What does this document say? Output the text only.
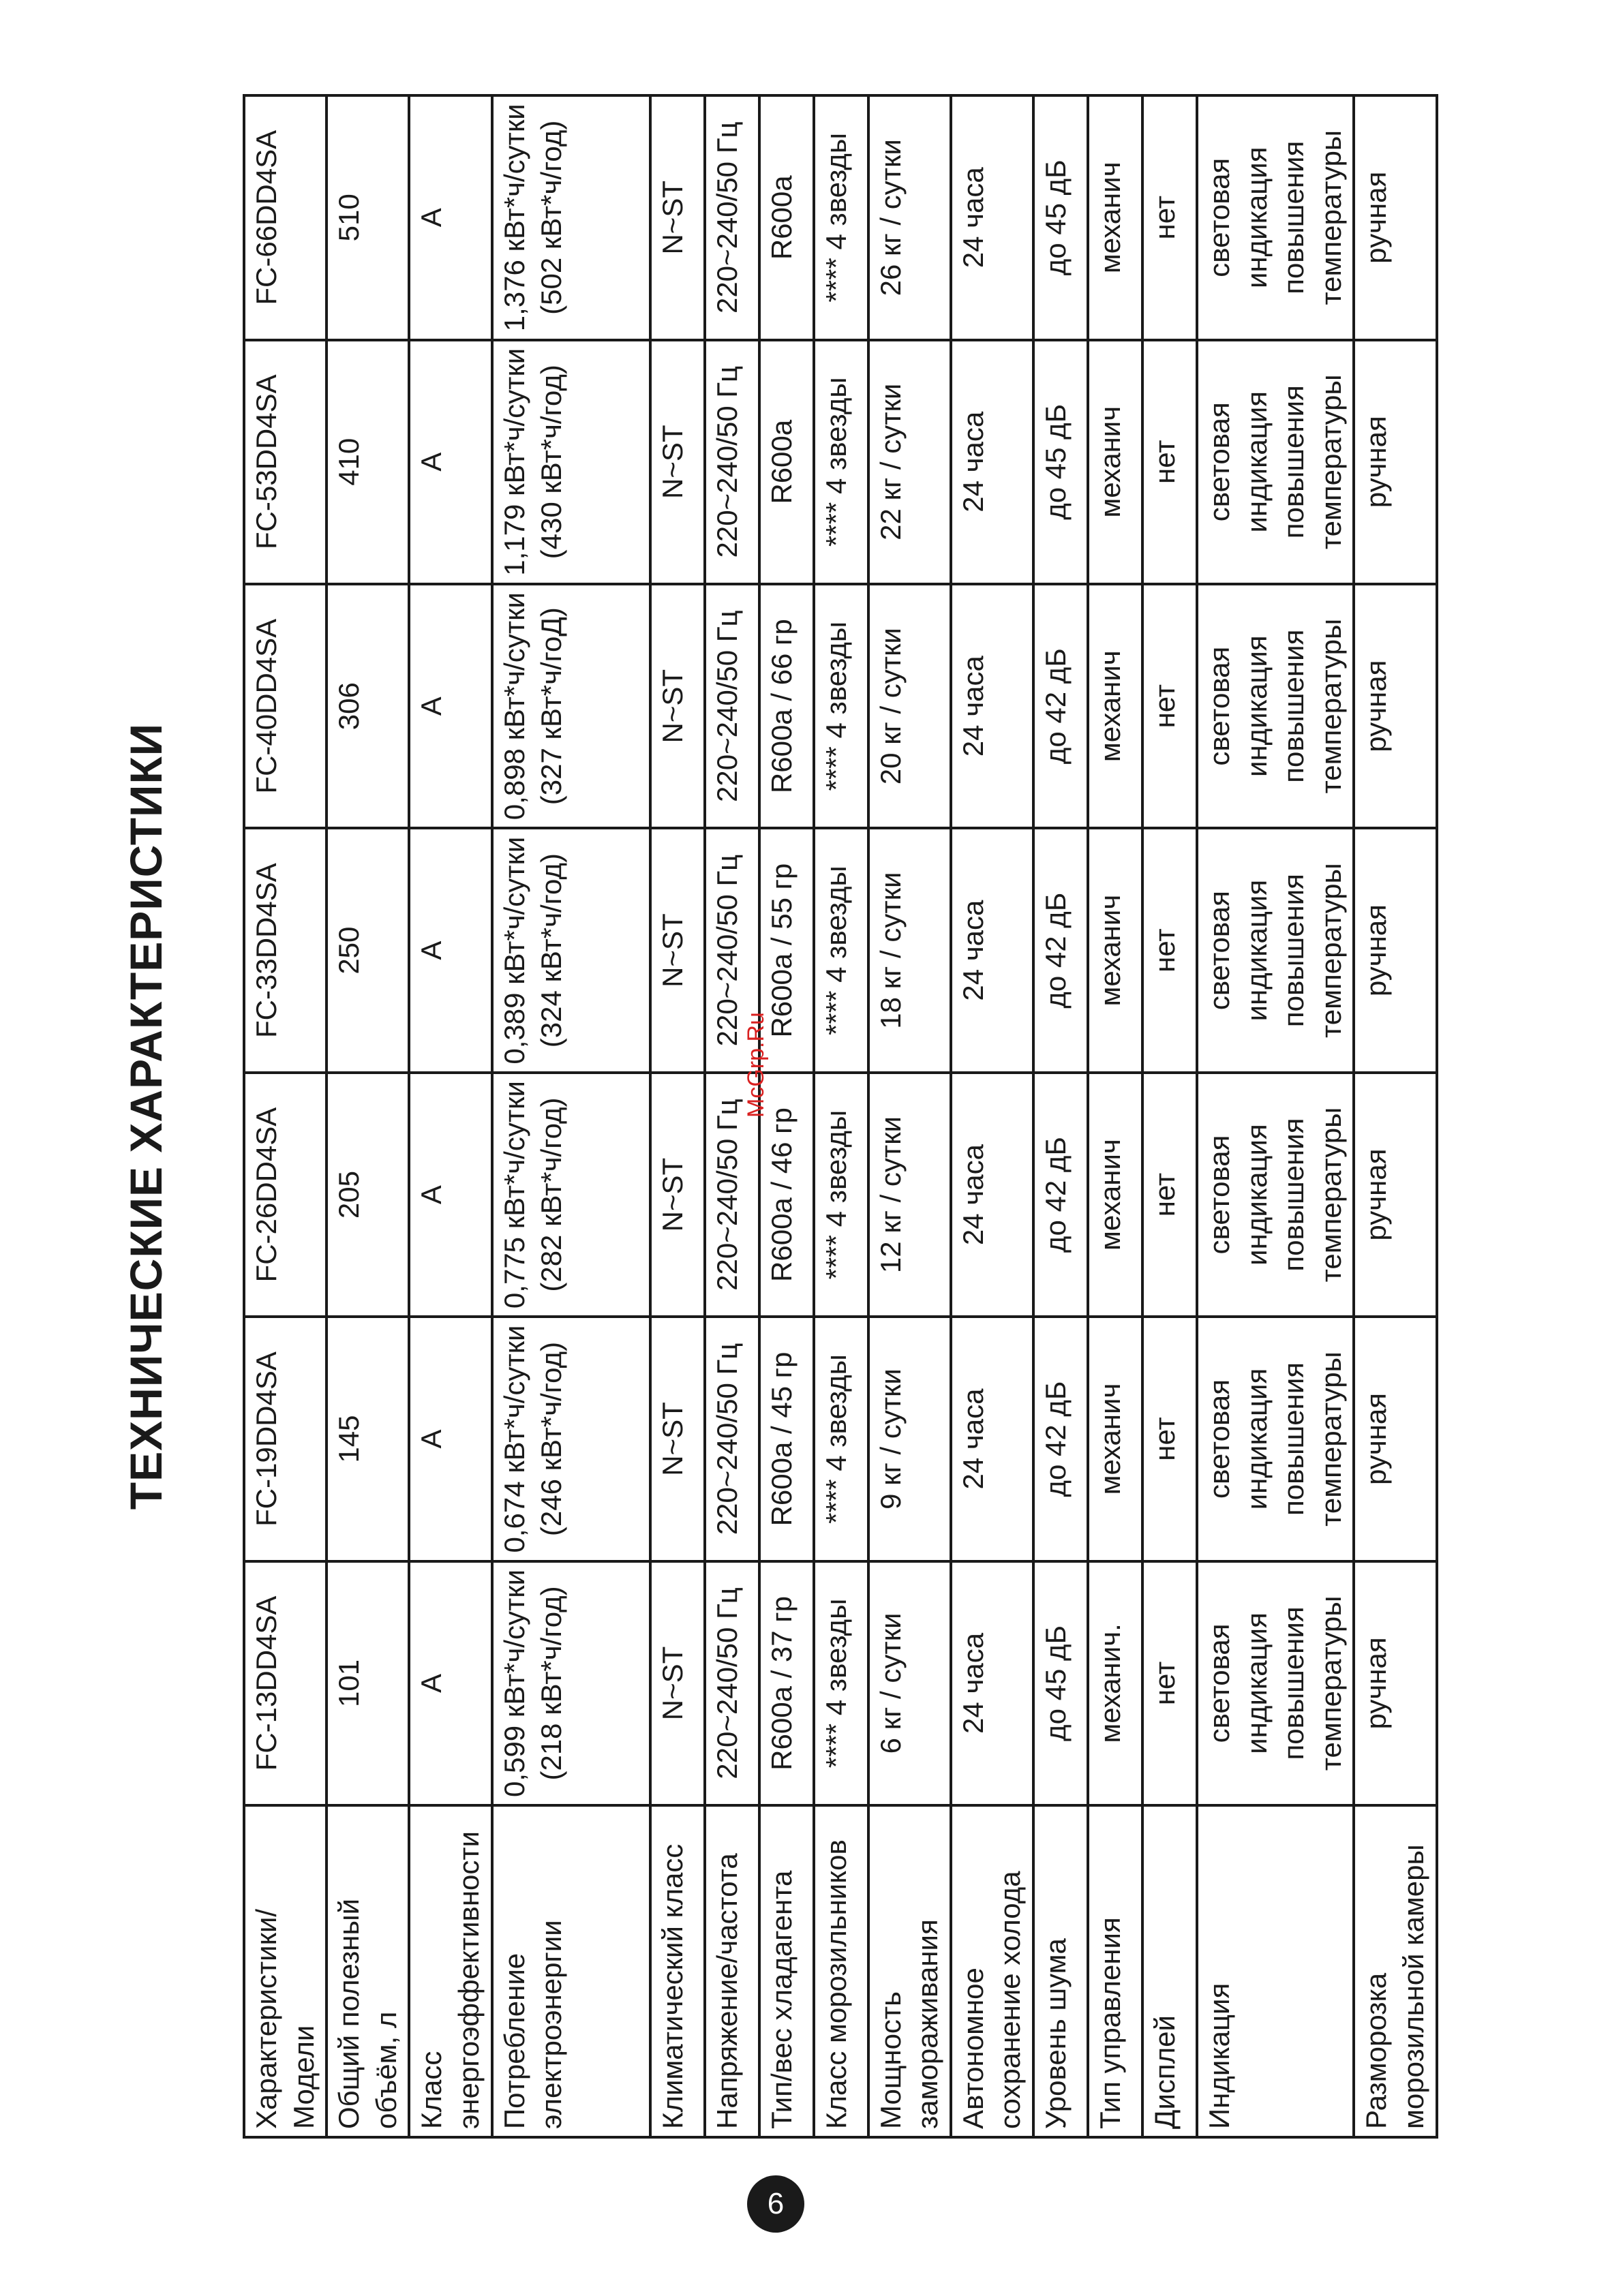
ТЕХНИЧЕСКИЕ ХАРАКТЕРИСТИКИ
Характеристики/Модели	FC-13DD4SA	FC-19DD4SA	FC-26DD4SA	FC-33DD4SA	FC-40DD4SA	FC-53DD4SA	FC-66DD4SA
Общий полезный объём, л	101	145	205	250	306	410	510
Класс энергоэффективности	A	A	A	A	A	A	A
Потребление электроэнергии	0,599 кВт*ч/сутки (218 кВт*ч/год)	0,674 кВт*ч/сутки (246 кВт*ч/год)	0,775 кВт*ч/сутки (282 кВт*ч/год)	0,389 кВт*ч/сутки (324 кВт*ч/год)	0,898 кВт*ч/сутки (327 кВт*ч/гоД)	1,179 кВт*ч/сутки (430 кВт*ч/год)	1,376 кВт*ч/сутки (502 кВт*ч/год)
Климатический класс	N~ST	N~ST	N~ST	N~ST	N~ST	N~ST	N~ST
Напряжение/частота	220~240/50 Гц	220~240/50 Гц	220~240/50 Гц	220~240/50 Гц	220~240/50 Гц	220~240/50 Гц	220~240/50 Гц
Тип/вес хладагента	R600a / 37 гр	R600a / 45 гр	R600a / 46 гр	R600a / 55 гр	R600a / 66 гр	R600a	R600a
Класс морозильников	**** 4 звезды	**** 4 звезды	**** 4 звезды	**** 4 звезды	**** 4 звезды	**** 4 звезды	**** 4 звезды
Мощность замораживания	6 кг / сутки	9 кг / сутки	12 кг / сутки	18 кг / сутки	20 кг / сутки	22 кг / сутки	26 кг / сутки
Автономное сохранение холода	24 часа	24 часа	24 часа	24 часа	24 часа	24 часа	24 часа
Уровень шума	до 45 дБ	до 42 дБ	до 42 дБ	до 42 дБ	до 42 дБ	до 45 дБ	до 45 дБ
Тип управления	механич.	механич	механич	механич	механич	механич	механич
Дисплей	нет	нет	нет	нет	нет	нет	нет
Индикация	световая индикация повышения температуры	световая индикация повышения температуры	световая индикация повышения температуры	световая индикация повышения температуры	световая индикация повышения температуры	световая индикация повышения температуры	световая индикация повышения температуры
Разморозка морозильной камеры	ручная	ручная	ручная	ручная	ручная	ручная	ручная
6
McGrp.Ru
